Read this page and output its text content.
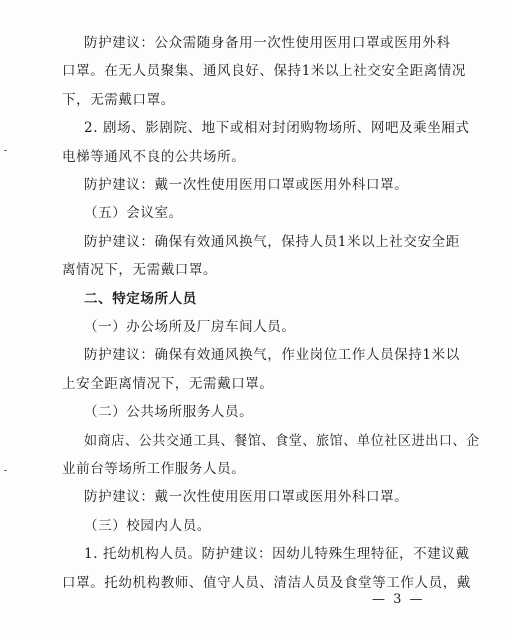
防护建议：公众需随身备用一次性使用医用口罩或医用外科
口罩。在无人员聚集、通风良好、保持1米以上社交安全距离情况
下，无需戴口罩。
2. 剧场、影剧院、地下或相对封闭购物场所、网吧及乘坐厢式
电梯等通风不良的公共场所。
防护建议：戴一次性使用医用口罩或医用外科口罩。
（五）会议室。
防护建议：确保有效通风换气，保持人员1米以上社交安全距
离情况下，无需戴口罩。
二、特定场所人员
（一）办公场所及厂房车间人员。
防护建议：确保有效通风换气，作业岗位工作人员保持1米以
上安全距离情况下，无需戴口罩。
（二）公共场所服务人员。
如商店、公共交通工具、餐馆、食堂、旅馆、单位社区进出口、企
业前台等场所工作服务人员。
防护建议：戴一次性使用医用口罩或医用外科口罩。
（三）校园内人员。
— 3 —
1. 托幼机构人员。防护建议：因幼儿特殊生理特征，不建议戴
口罩。托幼机构教师、值守人员、清洁人员及食堂等工作人员，戴
